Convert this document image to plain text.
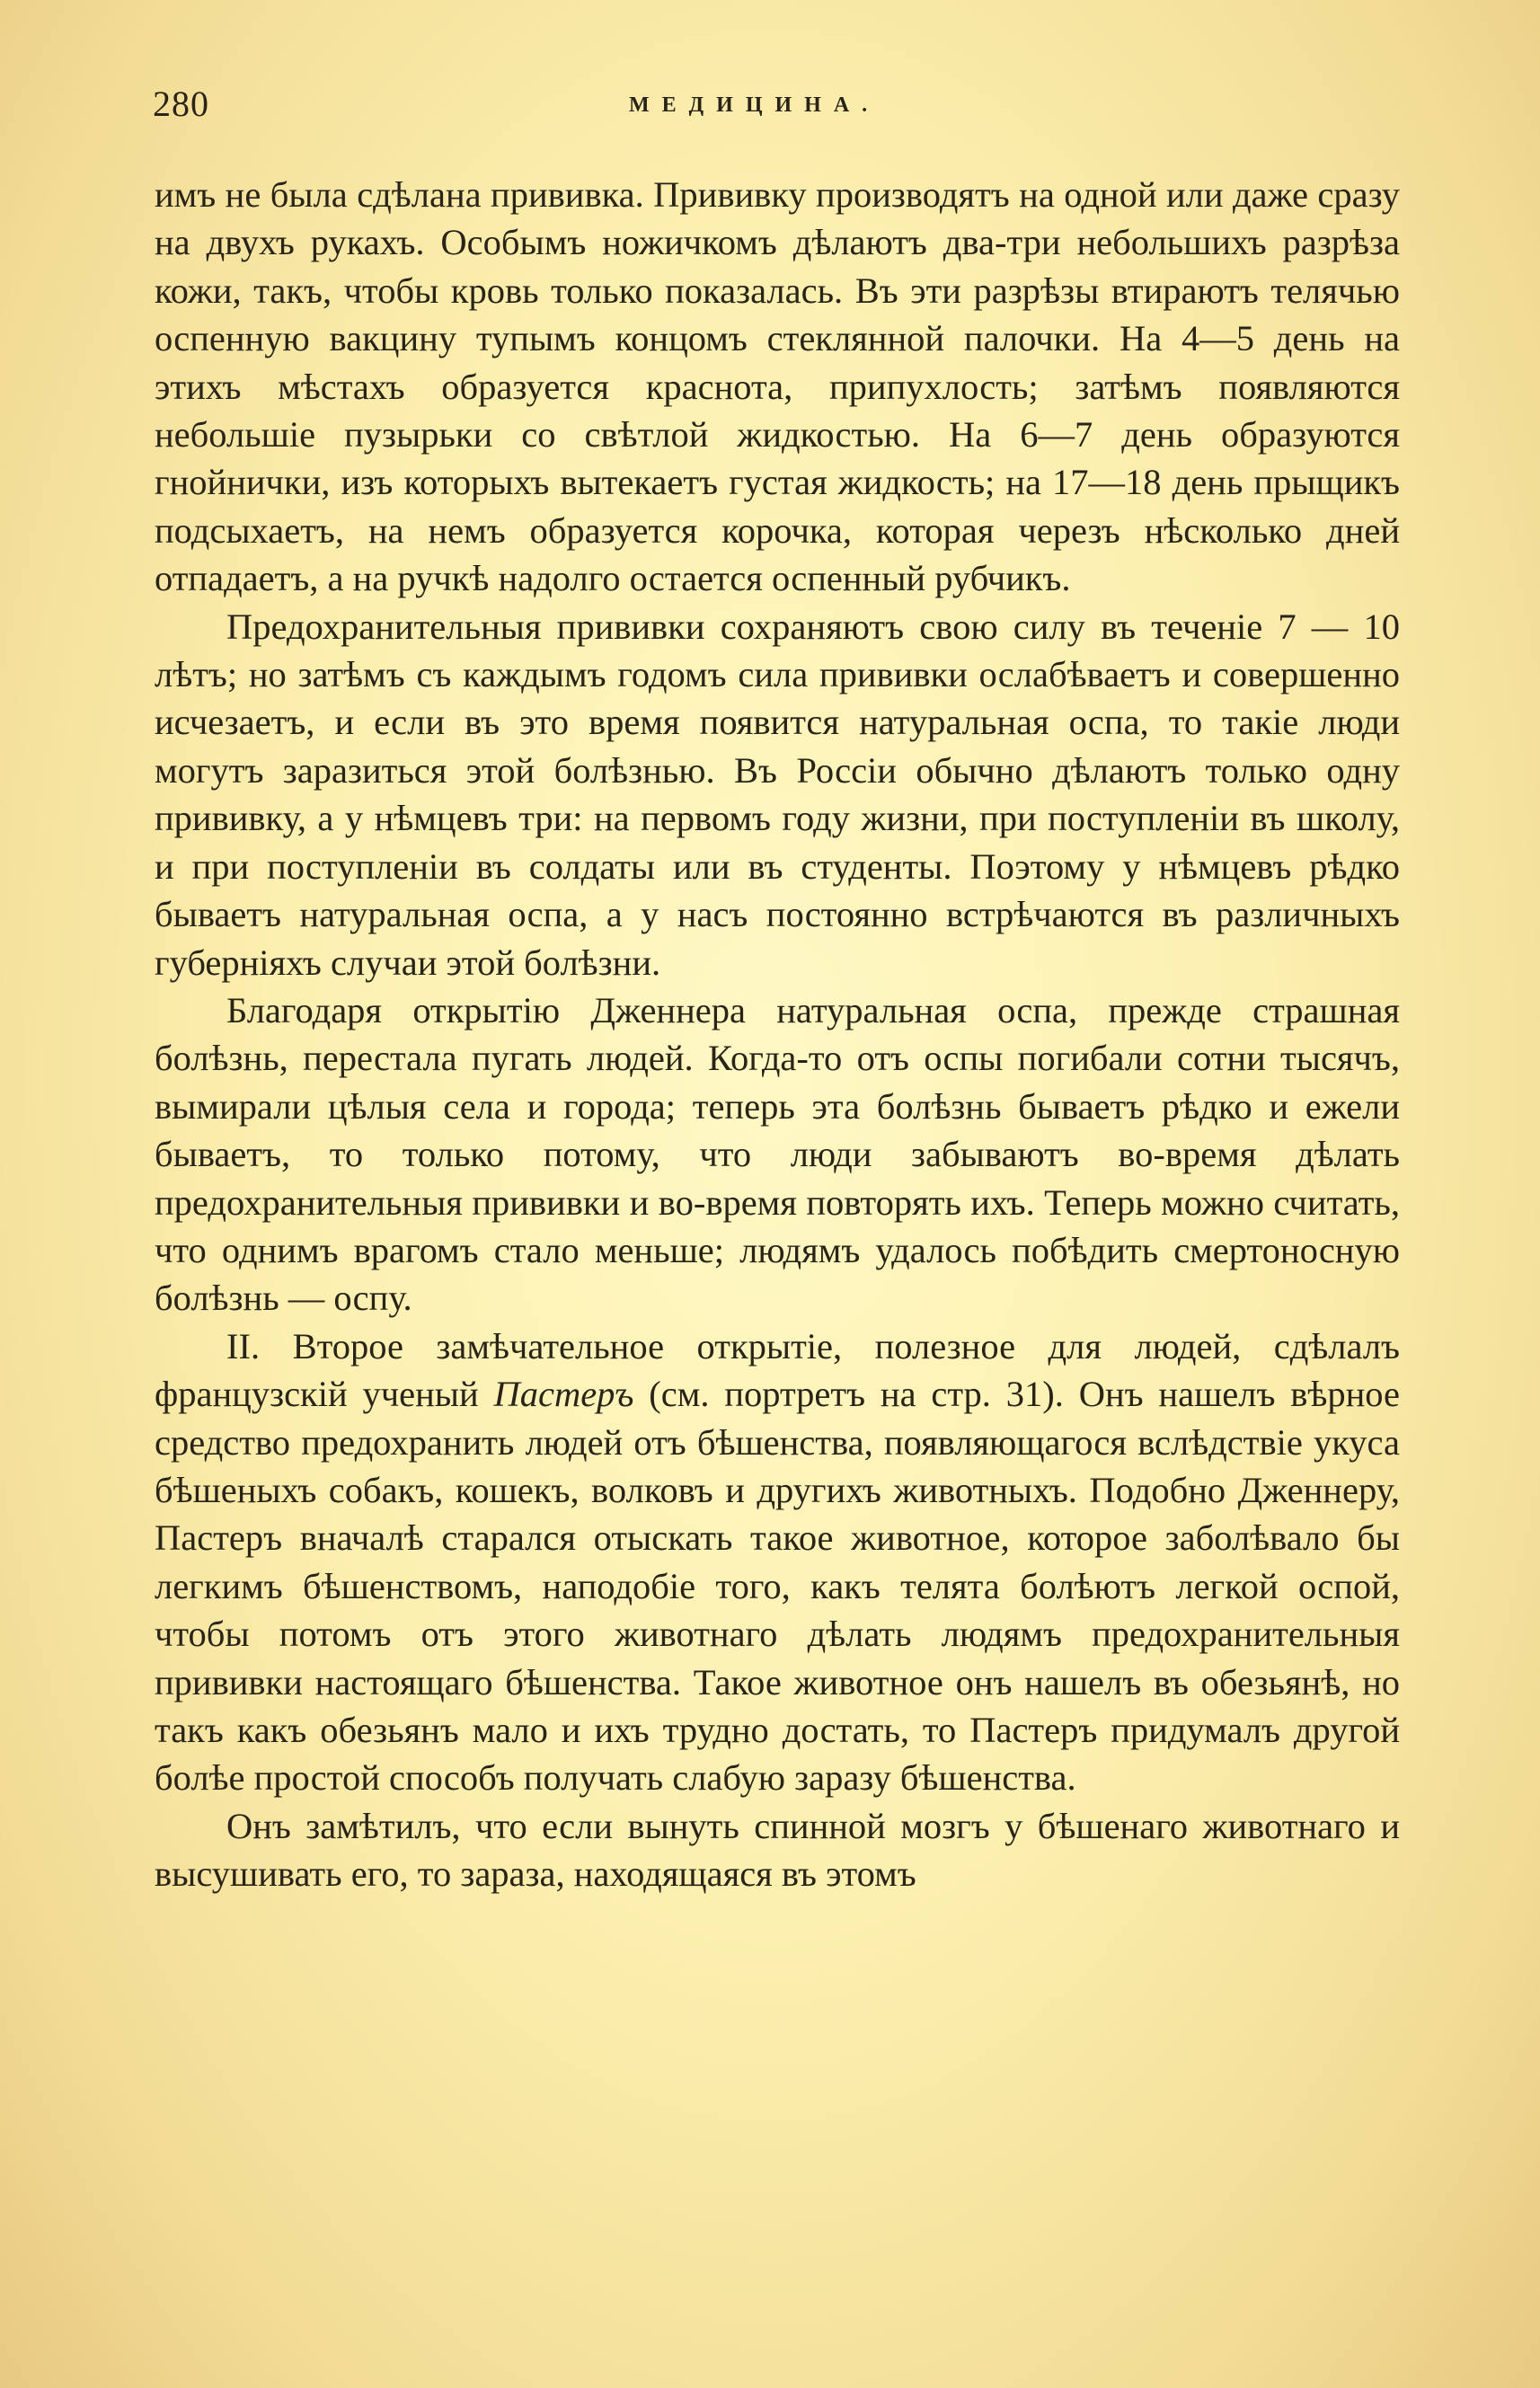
280	МЕДИЦИНА.

имъ не была сдѣлана прививка. Прививку производятъ на одной или даже сразу на двухъ рукахъ. Особымъ ножичкомъ дѣлаютъ два-три небольшихъ разрѣза кожи, такъ, чтобы кровь только показалась. Въ эти разрѣзы втираютъ телячью оспенную вакцину тупымъ концомъ стеклянной палочки. На 4—5 день на этихъ мѣстахъ образуется краснота, припухлость; затѣмъ появляются небольшіе пузырьки со свѣтлой жидкостью. На 6—7 день образуются гнойнички, изъ которыхъ вытекаетъ густая жидкость; на 17—18 день прыщикъ подсыхаетъ, на немъ образуется корочка, которая черезъ нѣсколько дней отпадаетъ, а на ручкѣ надолго остается оспенный рубчикъ.

Предохранительныя прививки сохраняютъ свою силу въ теченіе 7 — 10 лѣтъ; но затѣмъ съ каждымъ годомъ сила прививки ослабѣваетъ и совершенно исчезаетъ, и если въ это время появится натуральная оспа, то такіе люди могутъ заразиться этой болѣзнью. Въ Россіи обычно дѣлаютъ только одну прививку, а у нѣмцевъ три: на первомъ году жизни, при поступленіи въ школу, и при поступленіи въ солдаты или въ студенты. Поэтому у нѣмцевъ рѣдко бываетъ натуральная оспа, а у насъ постоянно встрѣчаются въ различныхъ губерніяхъ случаи этой болѣзни.

Благодаря открытію Дженнера натуральная оспа, прежде страшная болѣзнь, перестала пугать людей. Когда-то отъ оспы погибали сотни тысячъ, вымирали цѣлыя села и города; теперь эта болѣзнь бываетъ рѣдко и ежели бываетъ, то только потому, что люди забываютъ во-время дѣлать предохранительныя прививки и во-время повторять ихъ. Теперь можно считать, что однимъ врагомъ стало меньше; людямъ удалось побѣдить смертоносную болѣзнь — оспу.

II. Второе замѣчательное открытіе, полезное для людей, сдѣлалъ французскій ученый Пастеръ (см. портретъ на стр. 31). Онъ нашелъ вѣрное средство предохранить людей отъ бѣшенства, появляющагося вслѣдствіе укуса бѣшеныхъ собакъ, кошекъ, волковъ и другихъ животныхъ. Подобно Дженнеру, Пастеръ вначалѣ старался отыскать такое животное, которое заболѣвало бы легкимъ бѣшенствомъ, наподобіе того, какъ телята болѣютъ легкой оспой, чтобы потомъ отъ этого животнаго дѣлать людямъ предохранительныя прививки настоящаго бѣшенства. Такое животное онъ нашелъ въ обезьянѣ, но такъ какъ обезьянъ мало и ихъ трудно достать, то Пастеръ придумалъ другой болѣе простой способъ получать слабую заразу бѣшенства.

Онъ замѣтилъ, что если вынуть спинной мозгъ у бѣшенаго животнаго и высушивать его, то зараза, находящаяся въ этомъ
